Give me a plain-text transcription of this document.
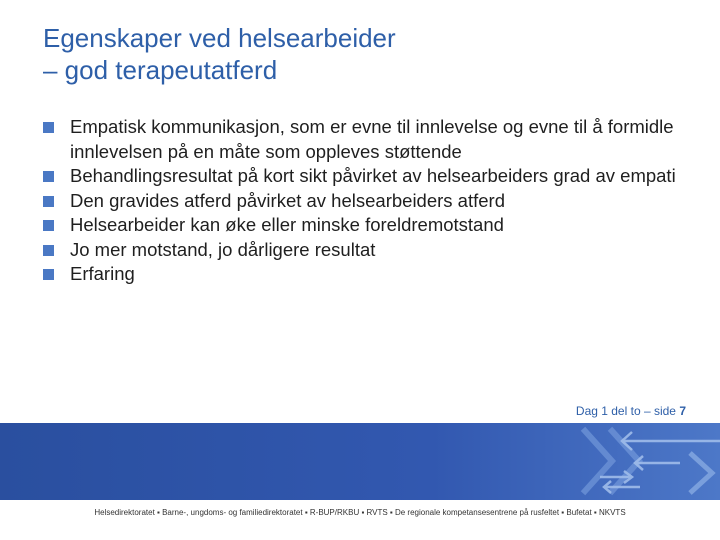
Egenskaper ved helsearbeider
– god terapeutatferd
Empatisk kommunikasjon, som er evne til innlevelse og evne til å formidle innlevelsen på en måte som oppleves støttende
Behandlingsresultat på kort sikt påvirket av helsearbeiders grad av empati
Den gravides atferd påvirket av helsearbeiders atferd
Helsearbeider kan øke eller minske foreldremotstand
Jo mer motstand, jo dårligere resultat
Erfaring
Dag 1 del to – side 7
Helsedirektoratet ▪ Barne-, ungdoms- og familiedirektoratet ▪ R-BUP/RKBU ▪ RVTS ▪ De regionale kompetansesentrene på rusfeltet ▪ Bufetat ▪ NKVTS
